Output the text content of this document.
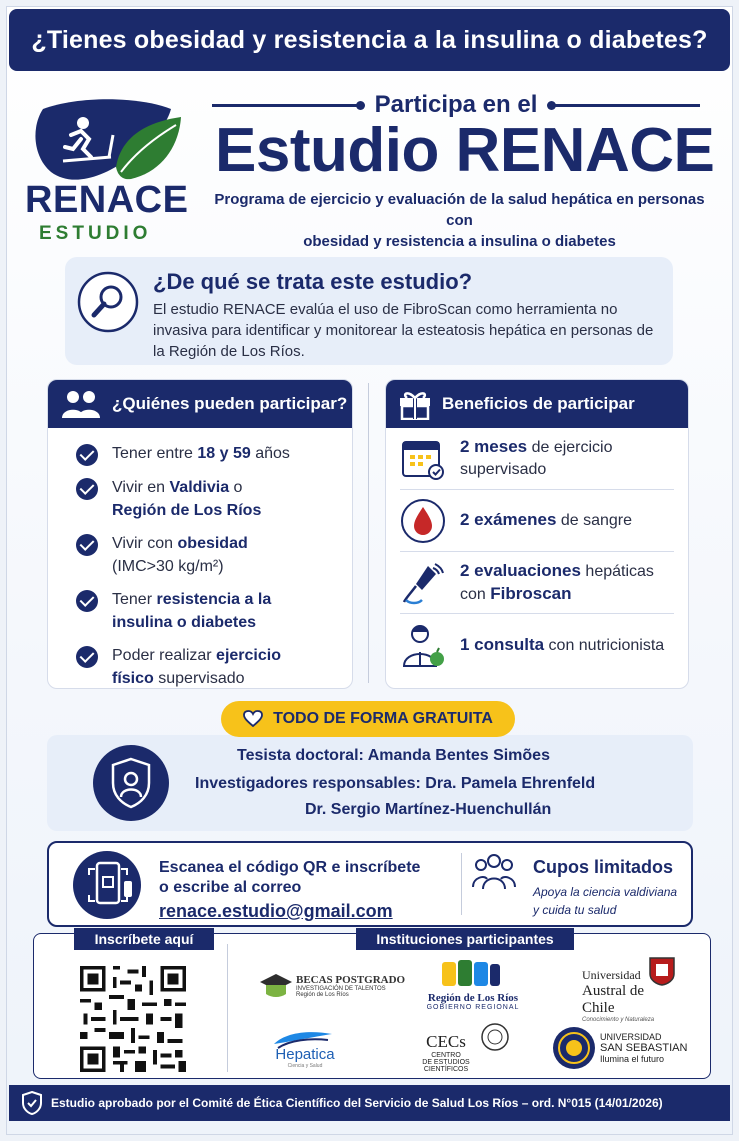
¿Tienes obesidad y resistencia a la insulina o diabetes?
RENACE
ESTUDIO
Participa en el
Estudio RENACE
Programa de ejercicio y evaluación de la salud hepática en personas con
obesidad y resistencia a insulina o diabetes
¿De qué se trata este estudio?

El estudio RENACE evalúa el uso de FibroScan como herramienta no invasiva para identificar y monitorear la esteatosis hepática en personas de la Región de Los Ríos.

¿Quiénes pueden participar?
Tener entre 18 y 59 años
Vivir en Valdivia o
Región de Los Ríos
Vivir con obesidad
(IMC>30 kg/m²)
Tener resistencia a la
insulina o diabetes
Poder realizar ejercicio
físico supervisado
Beneficios de participar
2 meses de ejercicio supervisado
2 exámenes de sangre
2 evaluaciones hepáticas
con Fibroscan
1 consulta con nutricionista
Tesista doctoral: Amanda Bentes Simões
Investigadores responsables: Dra. Pamela Ehrenfeld
Dr. Sergio Martínez-Huenchullán
TODO DE FORMA GRATUITA
Escanea el código QR e inscríbete
o escribe al correo
renace.estudio@gmail.com
Cupos limitados
Apoya la ciencia valdiviana
y cuida tu salud
Inscríbete aquí	Instituciones participantes
BECAS POSTGRADO
INVESTIGACIÓN DE TALENTOS
Región de Los Ríos	Región de Los Ríos
GOBIERNO REGIONAL
Universidad
Austral de Chile
Conocimiento y Naturaleza
Hepatica
Ciencia y Salud
CECs
CENTRO
DE ESTUDIOS
CIENTÍFICOS
UNIVERSIDAD
SAN SEBASTIAN
Ilumina el futuro
Estudio aprobado por el Comité de Ética Científico del Servicio de Salud Los Ríos – ord. N°015 (14/01/2026)
